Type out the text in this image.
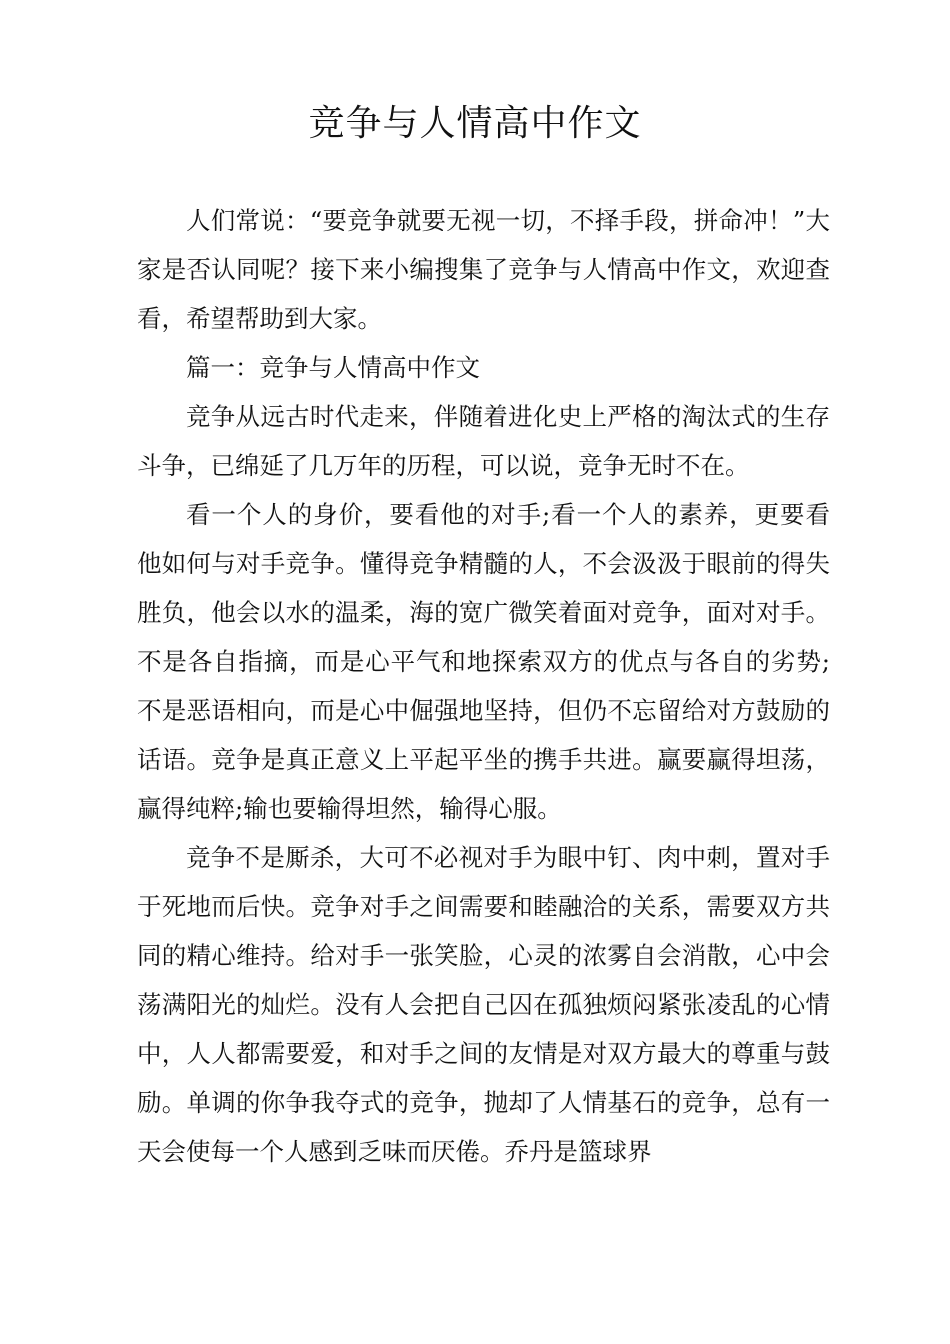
竞争与人情高中作文

人们常说：“要竞争就要无视一切，不择手段，拼命冲！”大家是否认同呢？接下来小编搜集了竞争与人情高中作文，欢迎查看，希望帮助到大家。

篇一：竞争与人情高中作文

竞争从远古时代走来，伴随着进化史上严格的淘汰式的生存斗争，已绵延了几万年的历程，可以说，竞争无时不在。

看一个人的身价，要看他的对手;看一个人的素养，更要看他如何与对手竞争。懂得竞争精髓的人，不会汲汲于眼前的得失胜负，他会以水的温柔，海的宽广微笑着面对竞争，面对对手。不是各自指摘，而是心平气和地探索双方的优点与各自的劣势;不是恶语相向，而是心中倔强地坚持，但仍不忘留给对方鼓励的话语。竞争是真正意义上平起平坐的携手共进。赢要赢得坦荡，赢得纯粹;输也要输得坦然，输得心服。

竞争不是厮杀，大可不必视对手为眼中钉、肉中刺，置对手于死地而后快。竞争对手之间需要和睦融洽的关系，需要双方共同的精心维持。给对手一张笑脸，心灵的浓雾自会消散，心中会荡满阳光的灿烂。没有人会把自己囚在孤独烦闷紧张凌乱的心情中，人人都需要爱，和对手之间的友情是对双方最大的尊重与鼓励。单调的你争我夺式的竞争，抛却了人情基石的竞争，总有一天会使每一个人感到乏味而厌倦。乔丹是篮球界
